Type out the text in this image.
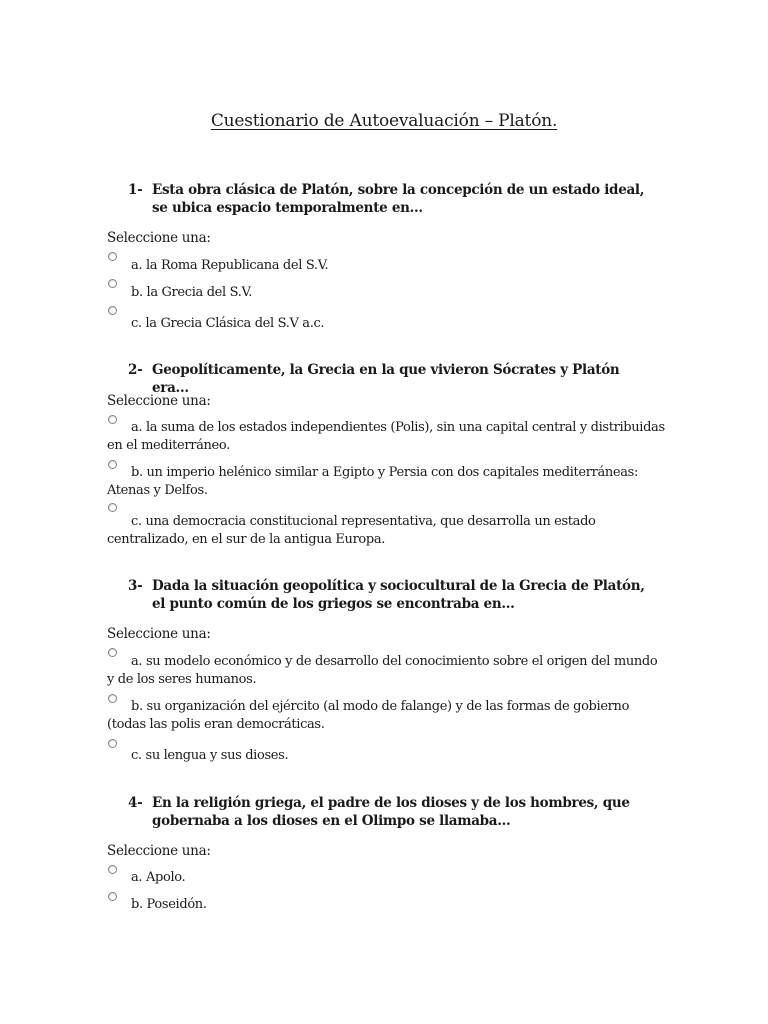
Cuestionario de Autoevaluación – Platón.
1- Esta obra clásica de Platón, sobre la concepción de un estado ideal, se ubica espacio temporalmente en...
Seleccione una:
a. la Roma Republicana del S.V.
b. la Grecia del S.V.
c. la Grecia Clásica del S.V a.c.
2- Geopolíticamente, la Grecia en la que vivieron Sócrates y Platón era...
Seleccione una:
a. la suma de los estados independientes (Polis), sin una capital central y distribuidas en el mediterráneo.
b. un imperio helénico similar a Egipto y Persia con dos capitales mediterráneas: Atenas y Delfos.
c. una democracia constitucional representativa, que desarrolla un estado centralizado, en el sur de la antigua Europa.
3- Dada la situación geopolítica y sociocultural de la Grecia de Platón, el punto común de los griegos se encontraba en...
Seleccione una:
a. su modelo económico y de desarrollo del conocimiento sobre el origen del mundo y de los seres humanos.
b. su organización del ejército (al modo de falange) y de las formas de gobierno (todas las polis eran democráticas.
c. su lengua y sus dioses.
4- En la religión griega, el padre de los dioses y de los hombres, que gobernaba a los dioses en el Olimpo se llamaba...
Seleccione una:
a. Apolo.
b. Poseidón.
